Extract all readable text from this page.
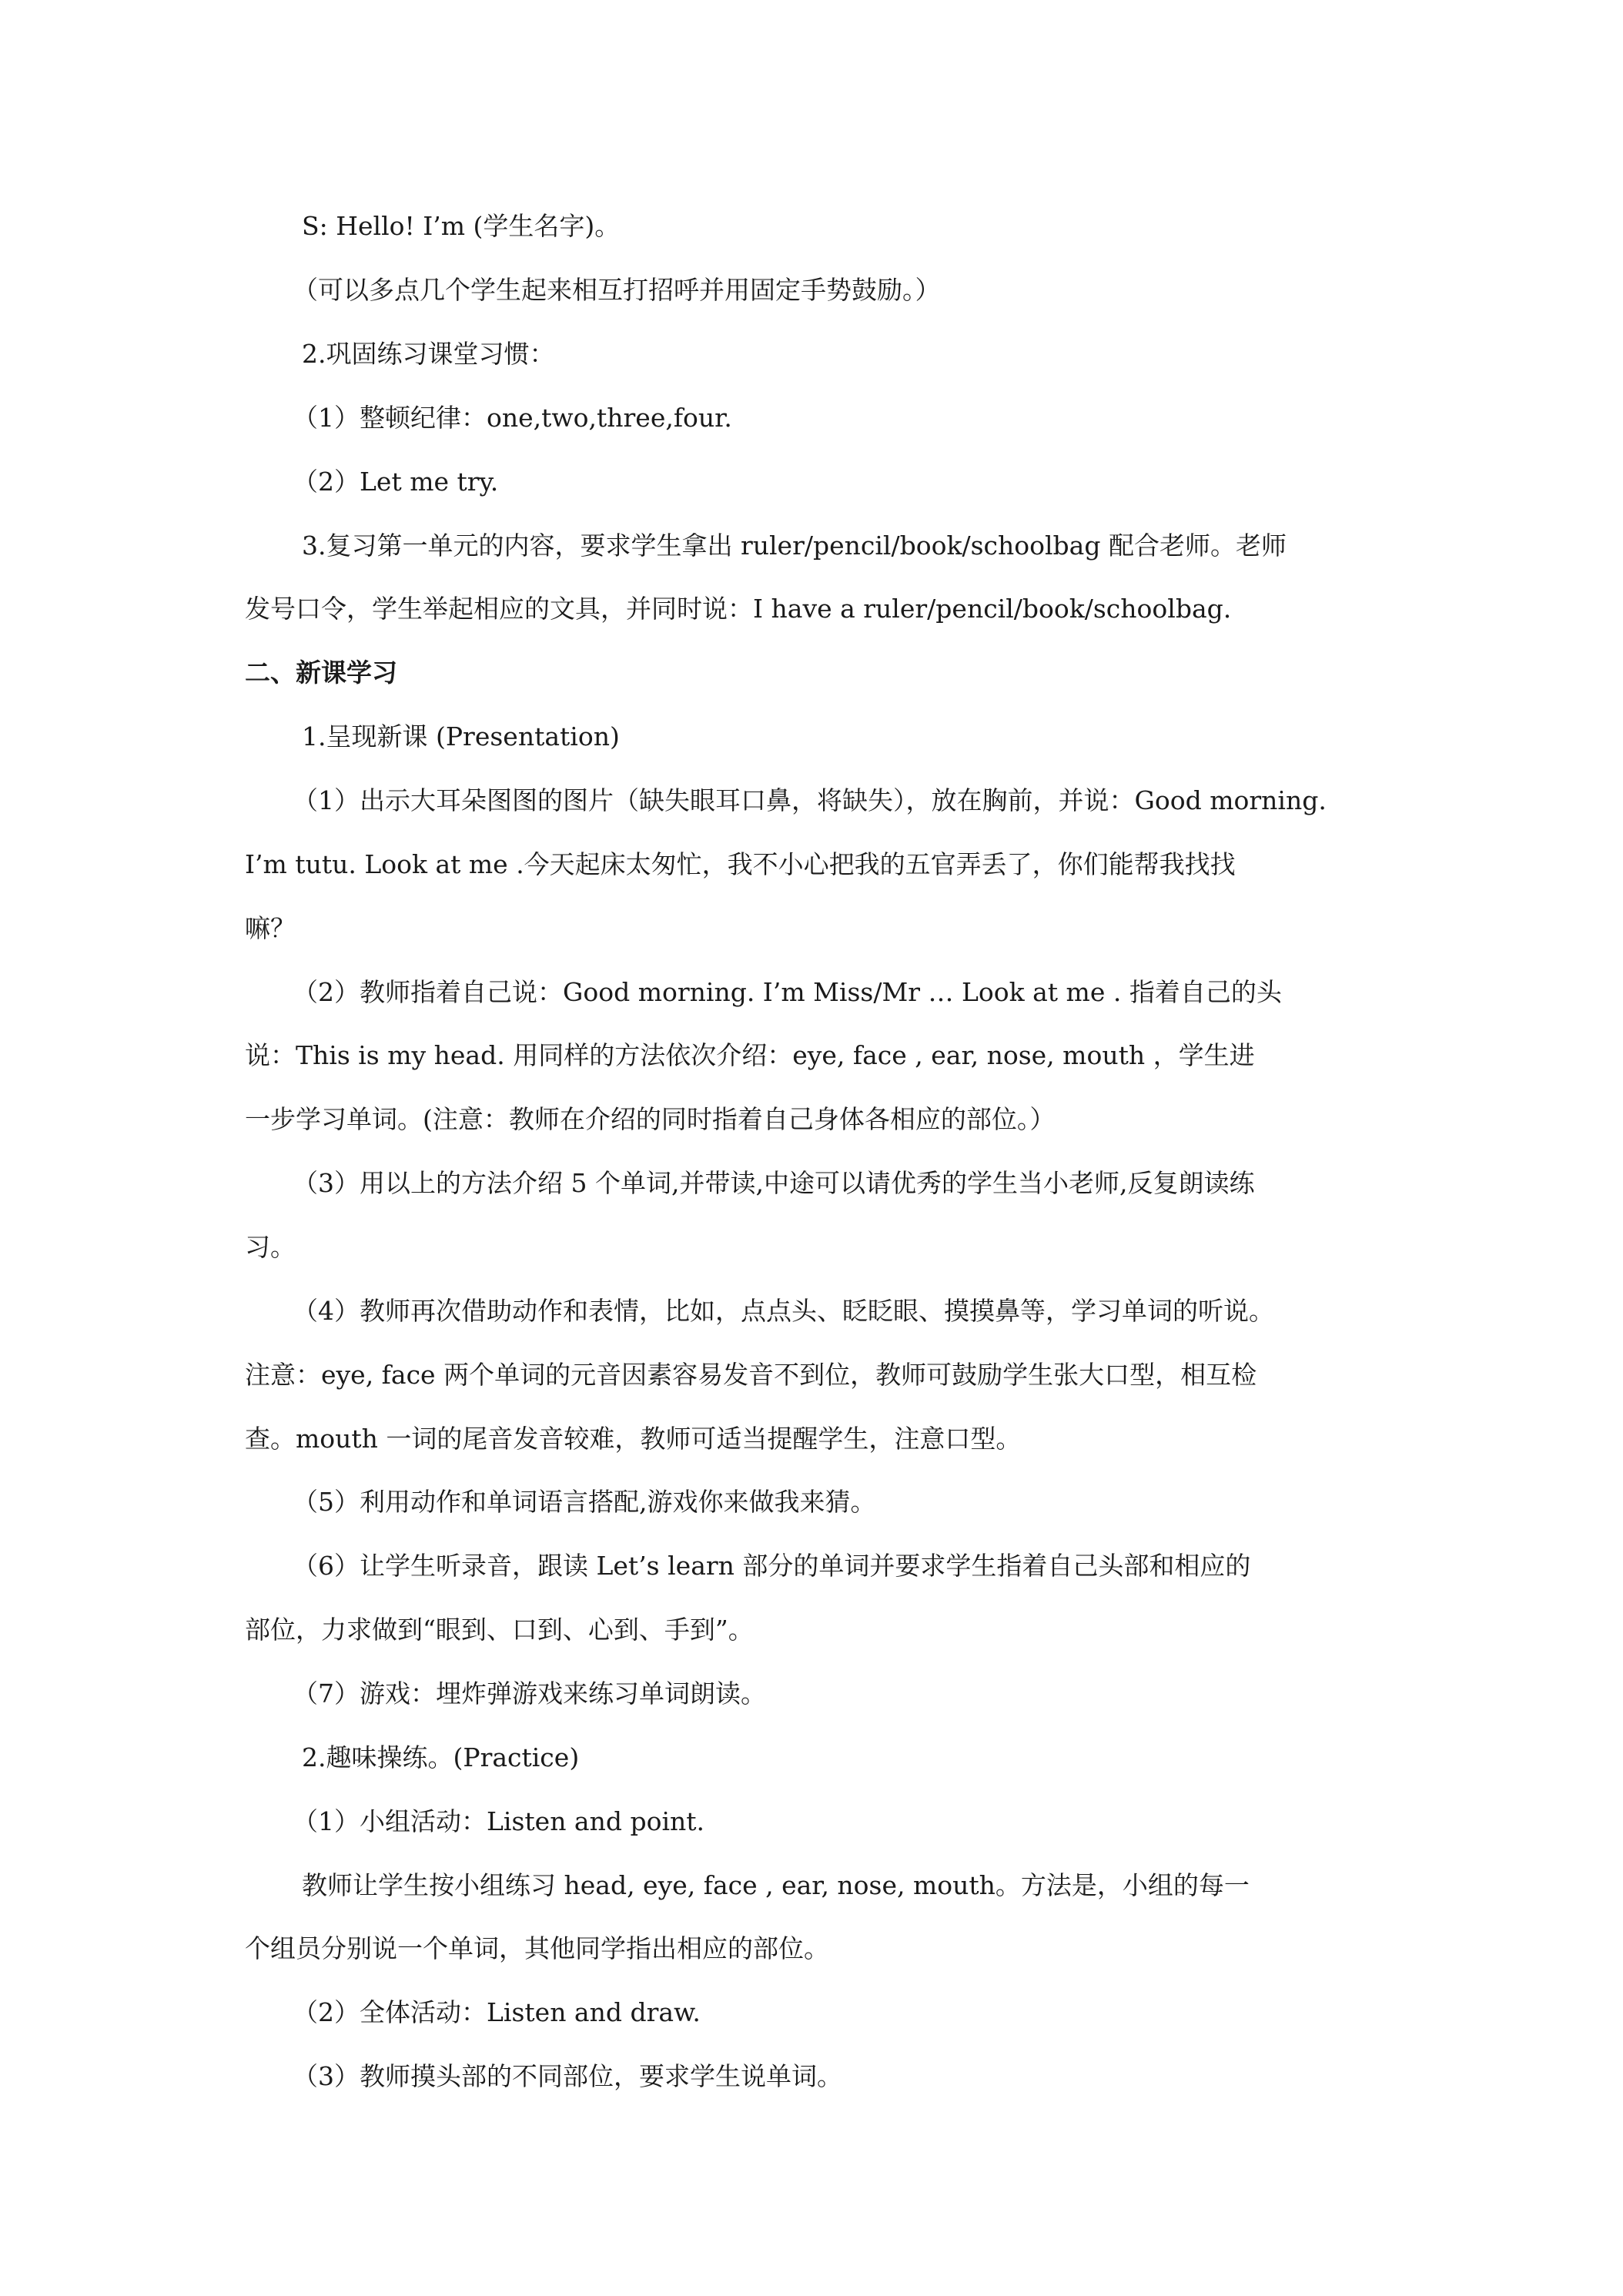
S: Hello! I’m (学生名字)。
（可以多点几个学生起来相互打招呼并用固定手势鼓励。）
2.巩固练习课堂习惯：
（1）整顿纪律：one,two,three,four.
（2）Let me try.
3.复习第一单元的内容，要求学生拿出 ruler/pencil/book/schoolbag 配合老师。老师
发号口令，学生举起相应的文具，并同时说：I have a ruler/pencil/book/schoolbag.
二、新课学习
1.呈现新课 (Presentation)
（1）出示大耳朵图图的图片（缺失眼耳口鼻，将缺失），放在胸前，并说：Good morning.
I’m tutu. Look at me .今天起床太匆忙，我不小心把我的五官弄丢了，你们能帮我找找
嘛？
（2）教师指着自己说：Good morning. I’m Miss/Mr … Look at me . 指着自己的头
说：This is my head. 用同样的方法依次介绍：eye, face , ear, nose, mouth ，学生进
一步学习单词。(注意：教师在介绍的同时指着自己身体各相应的部位。）
（3）用以上的方法介绍 5 个单词,并带读,中途可以请优秀的学生当小老师,反复朗读练
习。
（4）教师再次借助动作和表情，比如，点点头、眨眨眼、摸摸鼻等，学习单词的听说。
注意：eye, face 两个单词的元音因素容易发音不到位，教师可鼓励学生张大口型，相互检
查。mouth 一词的尾音发音较难，教师可适当提醒学生，注意口型。
（5）利用动作和单词语言搭配,游戏你来做我来猜。
（6）让学生听录音，跟读 Let’s learn 部分的单词并要求学生指着自己头部和相应的
部位，力求做到“眼到、口到、心到、手到”。
（7）游戏：埋炸弹游戏来练习单词朗读。
2.趣味操练。(Practice)
（1）小组活动：Listen and point.
教师让学生按小组练习 head, eye, face , ear, nose, mouth。方法是，小组的每一
个组员分别说一个单词，其他同学指出相应的部位。
（2）全体活动：Listen and draw.
（3）教师摸头部的不同部位，要求学生说单词。
